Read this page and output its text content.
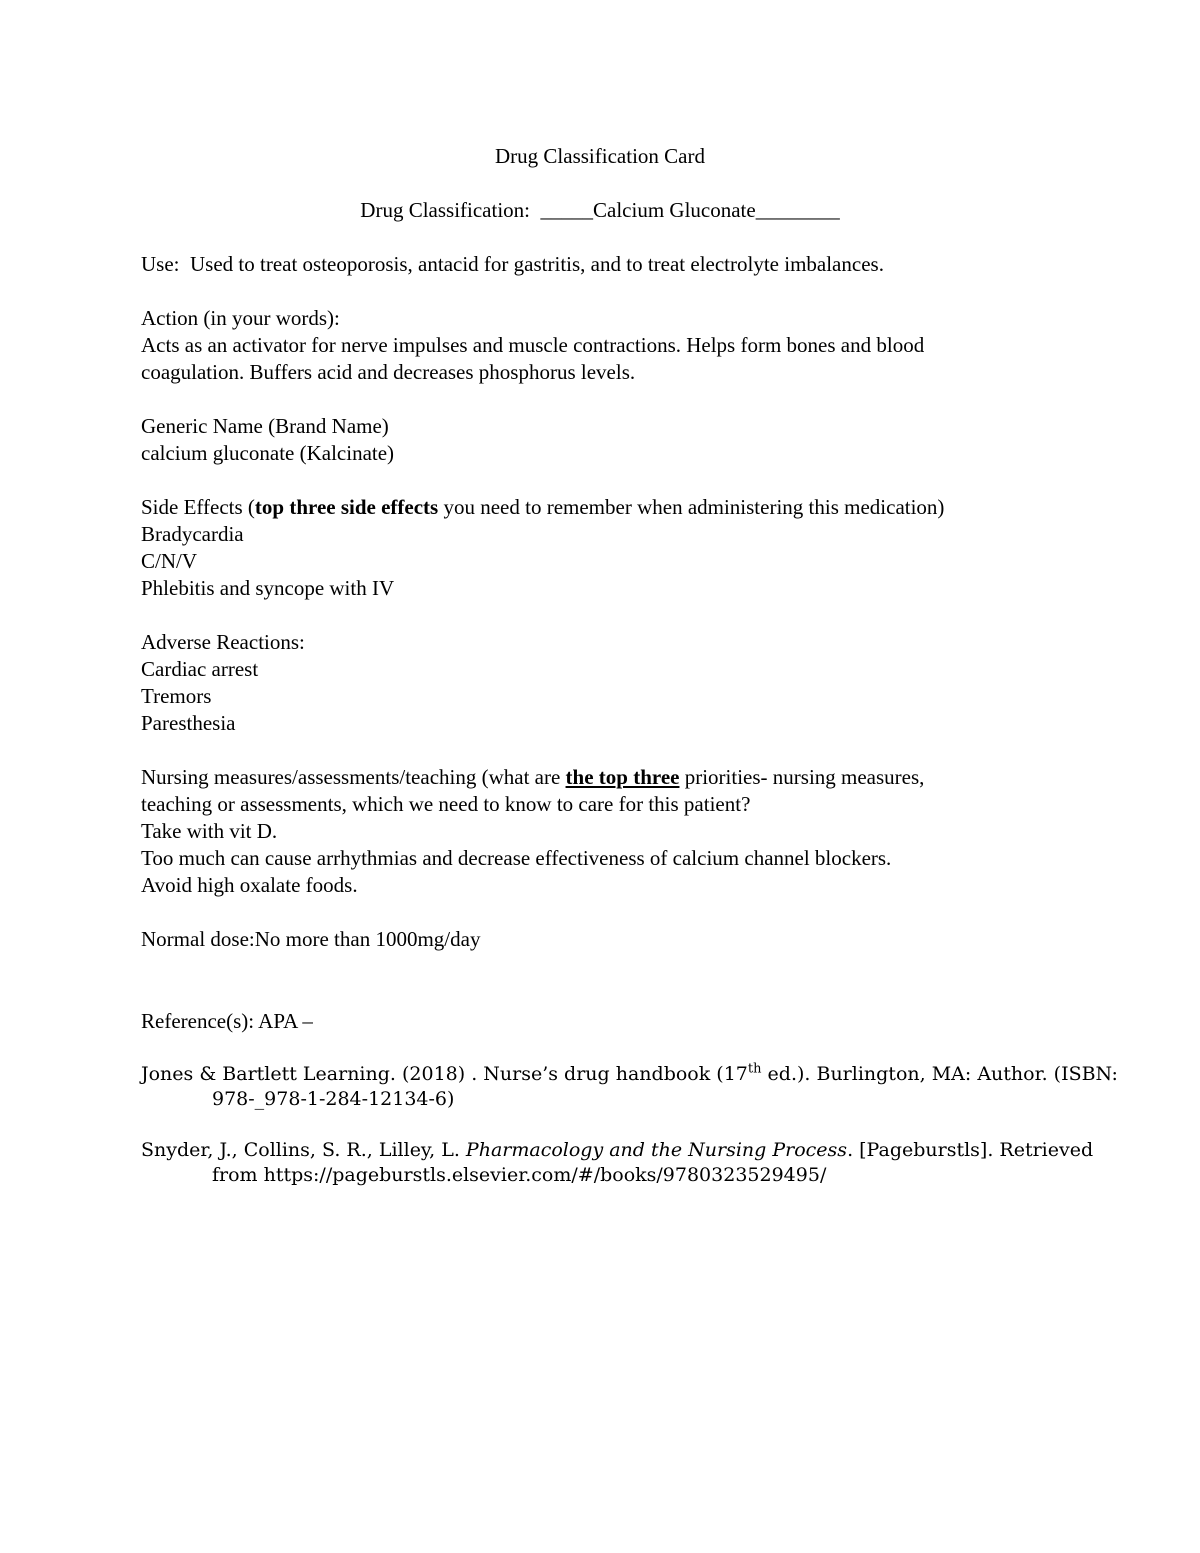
Drug Classification Card
Drug Classification: _____Calcium Gluconate________
Use: Used to treat osteoporosis, antacid for gastritis, and to treat electrolyte imbalances.
Action (in your words):
Acts as an activator for nerve impulses and muscle contractions. Helps form bones and blood
coagulation. Buffers acid and decreases phosphorus levels.
Generic Name (Brand Name)
calcium gluconate (Kalcinate)
Side Effects (top three side effects you need to remember when administering this medication)
Bradycardia
C/N/V
Phlebitis and syncope with IV
Adverse Reactions:
Cardiac arrest
Tremors
Paresthesia
Nursing measures/assessments/teaching (what are the top three priorities- nursing measures,
teaching or assessments, which we need to know to care for this patient?
Take with vit D.
Too much can cause arrhythmias and decrease effectiveness of calcium channel blockers.
Avoid high oxalate foods.
Normal dose:No more than 1000mg/day
Reference(s): APA –
Jones & Bartlett Learning. (2018) . Nurse’s drug handbook (17th ed.). Burlington, MA: Author. (ISBN:
978-_978-1-284-12134-6)
Snyder, J., Collins, S. R., Lilley, L. Pharmacology and the Nursing Process. [Pageburstls]. Retrieved
from https://pageburstls.elsevier.com/#/books/9780323529495/
